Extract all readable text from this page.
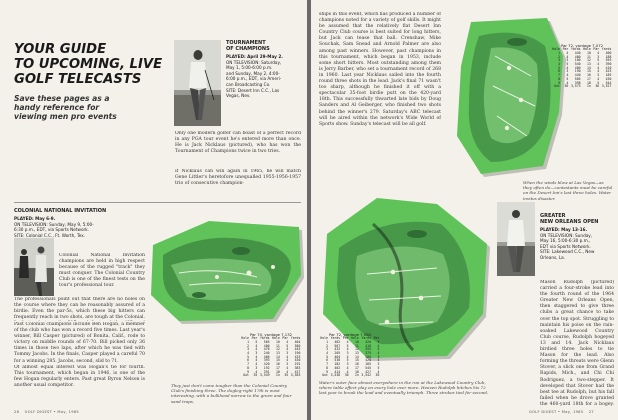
YOUR GUIDE
TO UPCOMING, LIVE
GOLF TELECASTS
Save these pages as a
handy reference for
viewing men pro events
TOURNAMENT
OF CHAMPIONS
PLAYED: April 29-May 2.
ON TELEVISION: Saturday,
May 1, 5:00-6:00 p.m.
and Sunday, May 2, 4:00-
6:00 p.m., EDT, via Ameri-
can Broadcasting Co.
SITE: Desert Inn C.C., Las
Vegas, Nev.
Only one modern golfer can boast of a perfect record in any PGA tour event he's entered more than once. He is Jack Nicklaus (pictured), who has won the Tournament of Champions twice in two tries.
If Nicklaus can win again in 1965, he will match Gene Littler's heretofore unequalled 1955-1956-1957 trio of consecutive champion-
COLONIAL NATIONAL INVITATION
PLAYED: May 6-9.
ON TELEVISION: Sunday, May 9, 5:00-
6:30 p.m., EDT, via Sports Network.
SITE: Colonial C.C., Ft. Worth, Tex.
Colonial National Invitation champions are held in high respect because of the rugged "track" they must conquer. The Colonial Country Club is one of the finest tests on the tour's professional tour.
The professionals point out that there are no holes on the course where they can be reasonably assured of a birdie. Even the par-5s, which these big hitters can frequently reach in two shots, are tough at the Colonial.
Past Colonial champions include Ben Hogan, a member of the club who has won a record five times. Last year's winner, Bill Casper (pictured) of Bonita, Calif., rode to victory on middle rounds of 67-70. Bill picked only 36 times in those two laps, after which he was tied with Tommy Jacobs. In the finals, Casper played a careful 70 for a winning 285. Jacobs, second, slid to 71.
Of almost equal interest was Hogan's tie for fourth. This tournament, which began in 1946, is one of the few Hogan regularly enters. Past great Byron Nelson is another usual competitor.
Par 70, yardage 7,132
Hole	Par	Yards	Hole	Par	Yards
1	5	565	10	4	404
2	4	400	11	5	580
3	4	476	12	4	445
4	3	246	13	3	190
5	4	466	14	4	433
6	4	393	15	4	430
7	4	420	16	3	192
8	3	192	17	4	383
9	4	391	18	4	427
Out	35	3,549	In	35	3,583
They just don't come tougher than the Colonial Country Club's finishing three. The dogleg-right 17th is most interesting, with a bulkhead narrow to the green and four sand traps.
26 GOLF DIGEST • May, 1965
ships in this event, which has produced a number of champions noted for a variety of golf skills. It might be assumed that the relatively flat Desert Inn Country Club course is best suited for long hitters, but Jack can tease that ball. Crenshaw, Mike Souchak, Sam Snead and Arnold Palmer are also among past winners. However, past champions in this tournament, which began in 1953, include some short hitters. Most outstanding among them is Jerry Barber, who set a tournament record of 268 in 1960. Last year Nicklaus sailed into the fourth round three shots in the lead. Jack's final 71 wasn't too sharp, although he finished it off with a spectacular 35-foot birdie putt on the 420-yard 18th. This successfully thwarted late bids by Doug Sanders and Al Geiberger, who finished two shots behind the winner's 279. Saturday's ABC telecast will be aired within the network's Wide World of Sports show. Sunday's telecast will be all golf.
Par 72, yardage 7,072
Hole	Par	Yards	Hole	Par	Yards
1	4	440	10	4	400
2	4	400	11	3	188
3	3	180	12	5	555
4	5	540	13	4	390
5	4	400	14	4	410
6	3	190	15	4	425
7	4	440	16	3	185
8	5	585	17	4	430
9	4	398	18	5	544
Out	36	3,573	In	36	3,527
When the winds blow at Las Vegas—as they often do—contestants must be careful on the Desert Inn's last three holes. Water invites disaster.
Par 72, yardage 7,080
Hole	Yards	Par	Hole	Yards	Par
1	402	4	10	420	4
2	567	5	11	410	4
3	432	4	12	555	5
4	205	3	13	375	4
5	404	4	14	205	3
6	530	5	15	420	4
7	182	3	16	185	3
8	402	4	17	545	5
9	414	4	18	427	4
Out	3,538	36	In	3,542	36
Water's outer face almost everywhere in the run at the Lakewood Country Club, where table effect play on every hole over more. Heaven Rudolph hitches his 72 last year to break the lead and eventually triumph. Three strokes tied for second.
GREATER
NEW ORLEANS OPEN
PLAYED: May 13-16.
ON TELEVISION: Sunday,
May 16, 5:00-6:30 p.m.,
EDT via Sports Network.
SITE: Lakewood C.C., New
Orleans, La.
Mason Rudolph (pictured) carried a four-stroke lead into the fourth round of the 1964 Greater New Orleans Open, then staggered to give three clubs a great chance to take over the top spot. Struggling to maintain his poise on the rain-soaked Lakewood Country Club course, Rudolph bogeyed 13 and 14. Jack Nicklaus birdied three holes to tie Mason for the lead. Also forming the threats were Glenn Stover, a slick one from Grand Rapids, Mich., and Chi Chi Rodriguez, a two-stepper. It developed that Stover had the best tee at Rudolph, but his fall failed when he drove granted the 460-yard 18th for a bogey.
GOLF DIGEST • May, 1965 27
